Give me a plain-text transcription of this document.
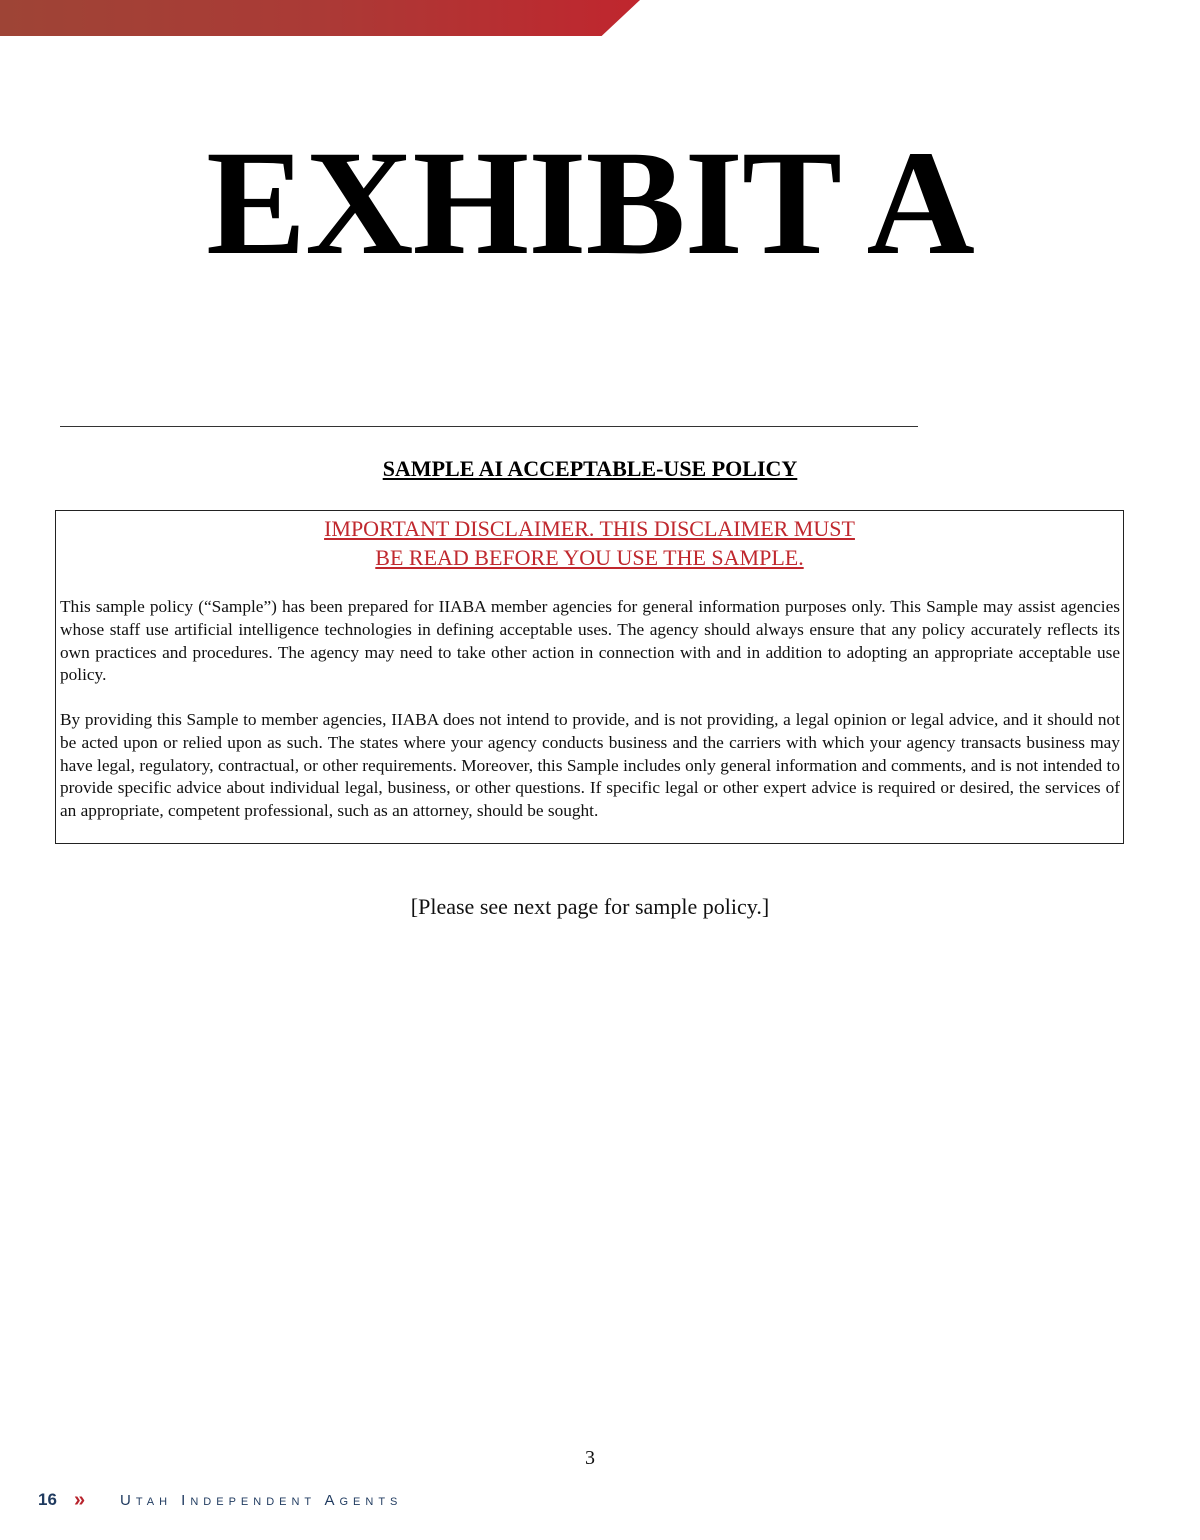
EXHIBIT A
SAMPLE AI ACCEPTABLE-USE POLICY
IMPORTANT DISCLAIMER. THIS DISCLAIMER MUST
BE READ BEFORE YOU USE THE SAMPLE.
This sample policy (“Sample”) has been prepared for IIABA member agencies for general information purposes only. This Sample may assist agencies whose staff use artificial intelligence technologies in defining acceptable uses. The agency should always ensure that any policy accurately reflects its own practices and procedures. The agency may need to take other action in connection with and in addition to adopting an appropriate acceptable use policy.
By providing this Sample to member agencies, IIABA does not intend to provide, and is not providing, a legal opinion or legal advice, and it should not be acted upon or relied upon as such. The states where your agency conducts business and the carriers with which your agency transacts business may have legal, regulatory, contractual, or other requirements. Moreover, this Sample includes only general information and comments, and is not intended to provide specific advice about individual legal, business, or other questions. If specific legal or other expert advice is required or desired, the services of an appropriate, competent professional, such as an attorney, should be sought.
[Please see next page for sample policy.]
3
16 » Utah Independent Agents
